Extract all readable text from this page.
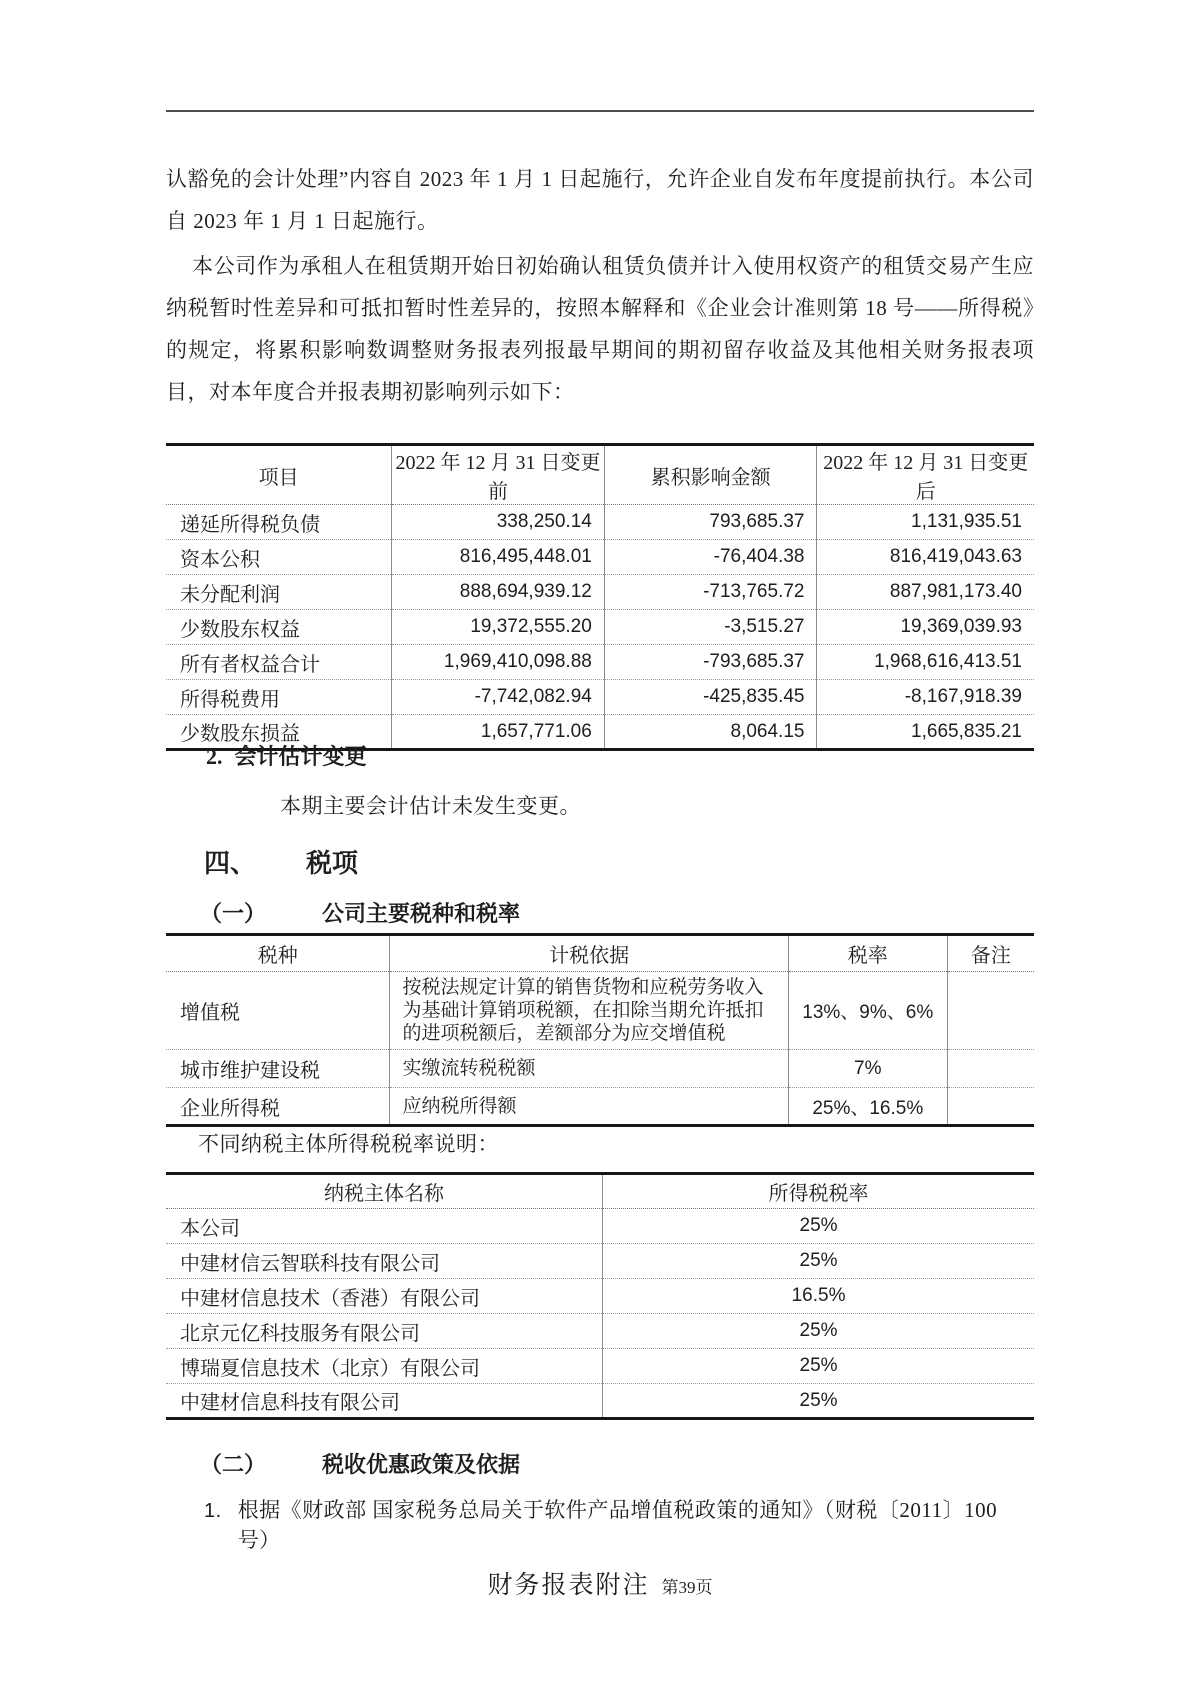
认豁免的会计处理”内容自 2023 年 1 月 1 日起施行，允许企业自发布年度提前执行。本公司自 2023 年 1 月 1 日起施行。

本公司作为承租人在租赁期开始日初始确认租赁负债并计入使用权资产的租赁交易产生应纳税暂时性差异和可抵扣暂时性差异的，按照本解释和《企业会计准则第 18 号——所得税》的规定，将累积影响数调整财务报表列报最早期间的期初留存收益及其他相关财务报表项目，对本年度合并报表期初影响列示如下：

项目	2022 年 12 月 31 日变更前	累积影响金额	2022 年 12 月 31 日变更后
递延所得税负债	338,250.14	793,685.37	1,131,935.51
资本公积	816,495,448.01	-76,404.38	816,419,043.63
未分配利润	888,694,939.12	-713,765.72	887,981,173.40
少数股东权益	19,372,555.20	-3,515.27	19,369,039.93
所有者权益合计	1,969,410,098.88	-793,685.37	1,968,616,413.51
所得税费用	-7,742,082.94	-425,835.45	-8,167,918.39
少数股东损益	1,657,771.06	8,064.15	1,665,835.21
2. 会计估计变更
本期主要会计估计未发生变更。
四、 税项
（一）	公司主要税种和税率
税种	计税依据	税率	备注
增值税	按税法规定计算的销售货物和应税劳务收入为基础计算销项税额，在扣除当期允许抵扣的进项税额后，差额部分为应交增值税	13%、9%、6%	
城市维护建设税	实缴流转税税额	7%	
企业所得税	应纳税所得额	25%、16.5%	
不同纳税主体所得税税率说明：
纳税主体名称	所得税税率
本公司	25%
中建材信云智联科技有限公司	25%
中建材信息技术（香港）有限公司	16.5%
北京元亿科技服务有限公司	25%
博瑞夏信息技术（北京）有限公司	25%
中建材信息科技有限公司	25%
（二）	税收优惠政策及依据
1. 根据《财政部 国家税务总局关于软件产品增值税政策的通知》（财税〔2011〕100 号）
财务报表附注 第39页
